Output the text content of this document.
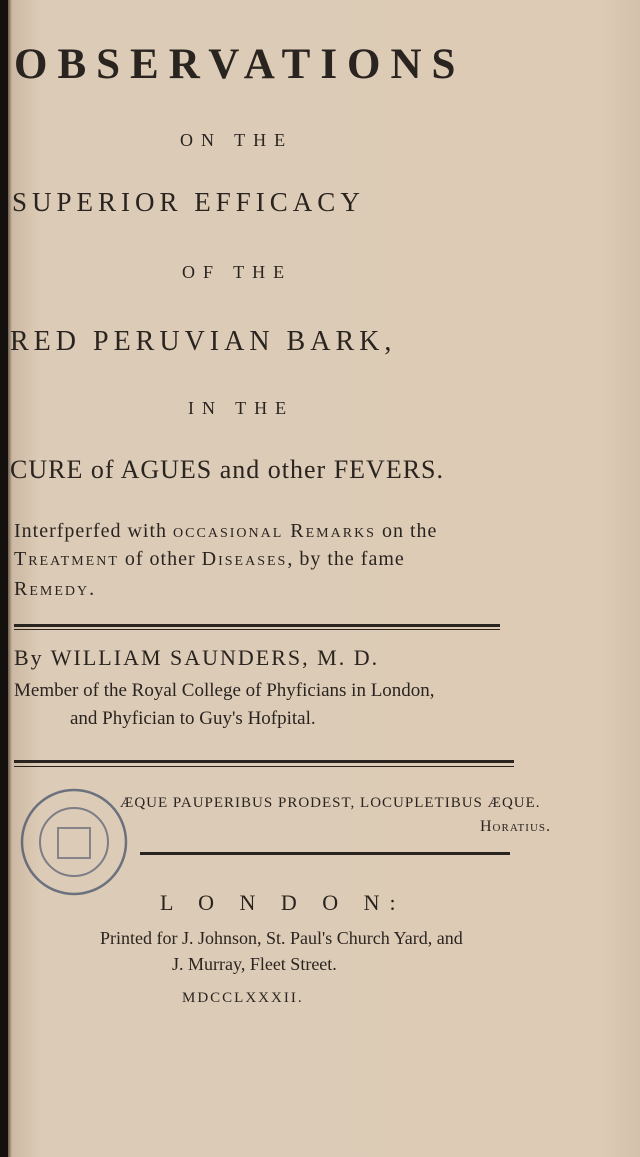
OBSERVATIONS
ON THE
SUPERIOR EFFICACY
OF THE
RED PERUVIAN BARK,
IN THE
CURE of AGUES and other FEVERS.
Interfperfed with occasional Remarks on the
Treatment of other Diseases, by the fame
Remedy.
By WILLIAM SAUNDERS, M. D.
Member of the Royal College of Phyficians in London,
and Phyfician to Guy's Hofpital.
ÆQUE PAUPERIBUS PRODEST, LOCUPLETIBUS ÆQUE.
Horatius.
L O N D O N:
Printed for J. Johnson, St. Paul's Church Yard, and
J. Murray, Fleet Street.
MDCCLXXXII.
